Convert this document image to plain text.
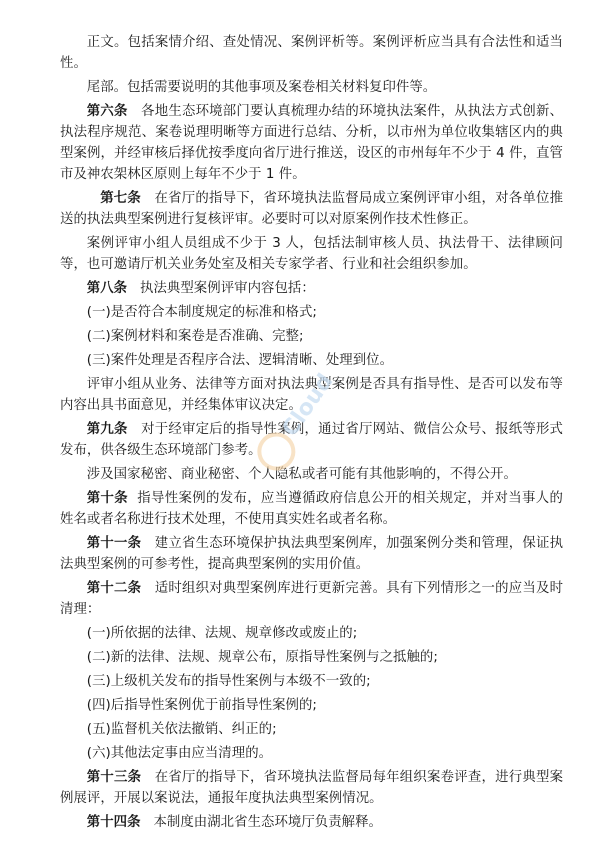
正文。包括案情介绍、查处情况、案例评析等。案例评析应当具有合法性和适当性。

尾部。包括需要说明的其他事项及案卷相关材料复印件等。

第六条 各地生态环境部门要认真梳理办结的环境执法案件，从执法方式创新、执法程序规范、案卷说理明晰等方面进行总结、分析，以市州为单位收集辖区内的典型案例，并经审核后择优按季度向省厅进行推送，设区的市州每年不少于 4 件，直管市及神农架林区原则上每年不少于 1 件。

第七条 在省厅的指导下，省环境执法监督局成立案例评审小组，对各单位推送的执法典型案例进行复核评审。必要时可以对原案例作技术性修正。

案例评审小组人员组成不少于 3 人，包括法制审核人员、执法骨干、法律顾问等，也可邀请厅机关业务处室及相关专家学者、行业和社会组织参加。

第八条 执法典型案例评审内容包括：

(一)是否符合本制度规定的标准和格式;

(二)案例材料和案卷是否准确、完整;

(三)案件处理是否程序合法、逻辑清晰、处理到位。

评审小组从业务、法律等方面对执法典型案例是否具有指导性、是否可以发布等内容出具书面意见，并经集体审议决定。

第九条 对于经审定后的指导性案例，通过省厅网站、微信公众号、报纸等形式发布，供各级生态环境部门参考。

涉及国家秘密、商业秘密、个人隐私或者可能有其他影响的，不得公开。

第十条 指导性案例的发布，应当遵循政府信息公开的相关规定，并对当事人的姓名或者名称进行技术处理，不使用真实姓名或者名称。

第十一条 建立省生态环境保护执法典型案例库，加强案例分类和管理，保证执法典型案例的可参考性，提高典型案例的实用价值。

第十二条 适时组织对典型案例库进行更新完善。具有下列情形之一的应当及时清理：

(一)所依据的法律、法规、规章修改或废止的;

(二)新的法律、法规、规章公布，原指导性案例与之抵触的;

(三)上级机关发布的指导性案例与本级不一致的;

(四)后指导性案例优于前指导性案例的;

(五)监督机关依法撤销、纠正的;

(六)其他法定事由应当清理的。

第十三条 在省厅的指导下，省环境执法监督局每年组织案卷评查，进行典型案例展评，开展以案说法，通报年度执法典型案例情况。

第十四条 本制度由湖北省生态环境厅负责解释。

Cloud
